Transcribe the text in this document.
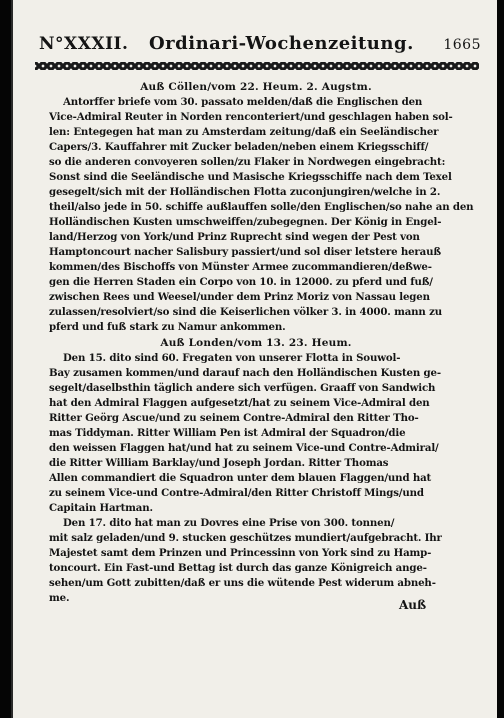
N°XXXII. Ordinari-Wochenzeitung. 1665
Auß Cöllen/vom 22. Heum. 2. Augstm.
Antorffer briefe vom 30. passato melden/daß die Englischen den
Vice-Admiral Reuter in Norden renconteriert/und geschlagen haben sol-
len: Entegegen hat man zu Amsterdam zeitung/daß ein Seeländischer
Capers/3. Kauffahrer mit Zucker beladen/neben einem Kriegsschiff/
so die anderen convoyeren sollen/zu Flaker in Nordwegen eingebracht:
Sonst sind die Seeländische und Masische Kriegsschiffe nach dem Texel
gesegelt/sich mit der Holländischen Flotta zuconjungiren/welche in 2.
theil/also jede in 50. schiffe außlauffen solle/den Englischen/so nahe an den
Holländischen Kusten umschweiffen/zubegegnen. Der König in Engel-
land/Herzog von York/und Prinz Ruprecht sind wegen der Pest von
Hamptoncourt nacher Salisbury passiert/und sol diser letstere herauß
kommen/des Bischoffs von Münster Armee zucommandieren/deßwe-
gen die Herren Staden ein Corpo von 10. in 12000. zu pferd und fuß/
zwischen Rees und Weesel/under dem Prinz Moriz von Nassau legen
zulassen/resolviert/so sind die Keiserlichen völker 3. in 4000. mann zu
pferd und fuß stark zu Namur ankommen.
Auß Londen/vom 13. 23. Heum.
Den 15. dito sind 60. Fregaten von unserer Flotta in Souwol-
Bay zusamen kommen/und darauf nach den Holländischen Kusten ge-
segelt/daselbsthin täglich andere sich verfügen. Graaff von Sandwich
hat den Admiral Flaggen aufgesetzt/hat zu seinem Vice-Admiral den
Ritter Geörg Ascue/und zu seinem Contre-Admiral den Ritter Tho-
mas Tiddyman. Ritter William Pen ist Admiral der Squadron/die
den weissen Flaggen hat/und hat zu seinem Vice-und Contre-Admiral/
die Ritter William Barklay/und Joseph Jordan. Ritter Thomas
Allen commandiert die Squadron unter dem blauen Flaggen/und hat
zu seinem Vice-und Contre-Admiral/den Ritter Christoff Mings/und
Capitain Hartman.
Den 17. dito hat man zu Dovres eine Prise von 300. tonnen/
mit salz geladen/und 9. stucken geschützes mundiert/aufgebracht. Ihr
Majestet samt dem Prinzen und Princessinn von York sind zu Hamp-
toncourt. Ein Fast-und Bettag ist durch das ganze Königreich ange-
sehen/um Gott zubitten/daß er uns die wütende Pest widerum abneh-
me.	Auß
